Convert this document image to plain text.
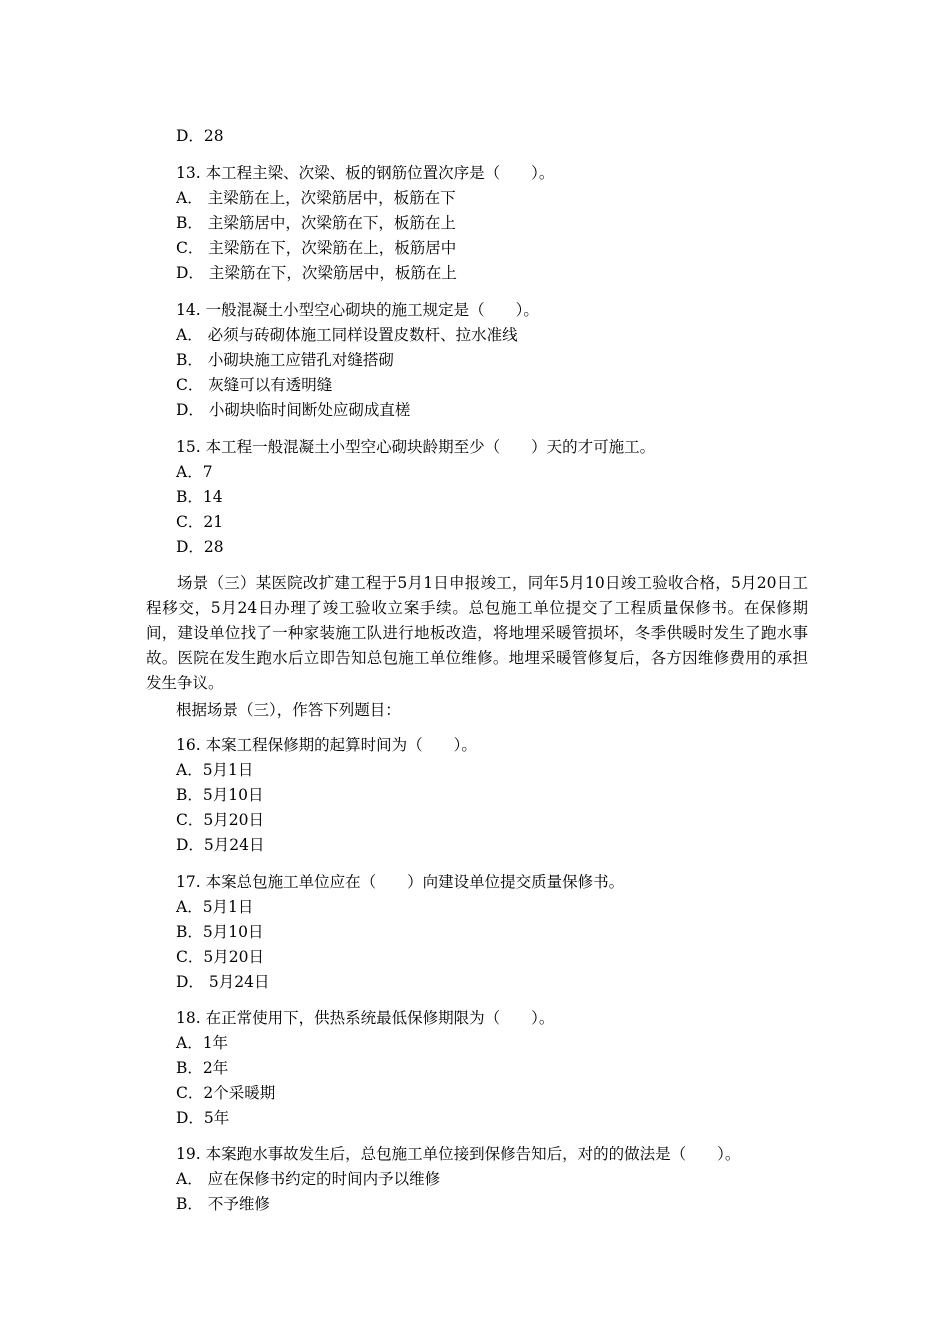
D．28
13. 本工程主梁、次梁、板的钢筋位置次序是（　　）。
A． 主梁筋在上，次梁筋居中，板筋在下
B． 主梁筋居中，次梁筋在下，板筋在上
C． 主梁筋在下，次梁筋在上，板筋居中
D． 主梁筋在下，次梁筋居中，板筋在上
14. 一般混凝土小型空心砌块的施工规定是（　　）。
A． 必须与砖砌体施工同样设置皮数杆、拉水准线
B． 小砌块施工应错孔对缝搭砌
C． 灰缝可以有透明缝
D． 小砌块临时间断处应砌成直槎
15. 本工程一般混凝土小型空心砌块龄期至少（　　）天的才可施工。
A．7
B．14
C．21
D．28
场景（三）某医院改扩建工程于5月1日申报竣工，同年5月10日竣工验收合格，5月20日工程移交，5月24日办理了竣工验收立案手续。总包施工单位提交了工程质量保修书。在保修期间，建设单位找了一种家装施工队进行地板改造，将地埋采暖管损坏，冬季供暖时发生了跑水事故。医院在发生跑水后立即告知总包施工单位维修。地埋采暖管修复后，各方因维修费用的承担发生争议。
根据场景（三），作答下列题目：
16. 本案工程保修期的起算时间为（　　）。
A．5月1日
B．5月10日
C．5月20日
D．5月24日
17. 本案总包施工单位应在（　　）向建设单位提交质量保修书。
A．5月1日
B．5月10日
C．5月20日
D． 5月24日
18. 在正常使用下，供热系统最低保修期限为（　　）。
A．1年
B．2年
C．2个采暖期
D．5年
19. 本案跑水事故发生后，总包施工单位接到保修告知后，对的的做法是（　　）。
A． 应在保修书约定的时间内予以维修
B． 不予维修
